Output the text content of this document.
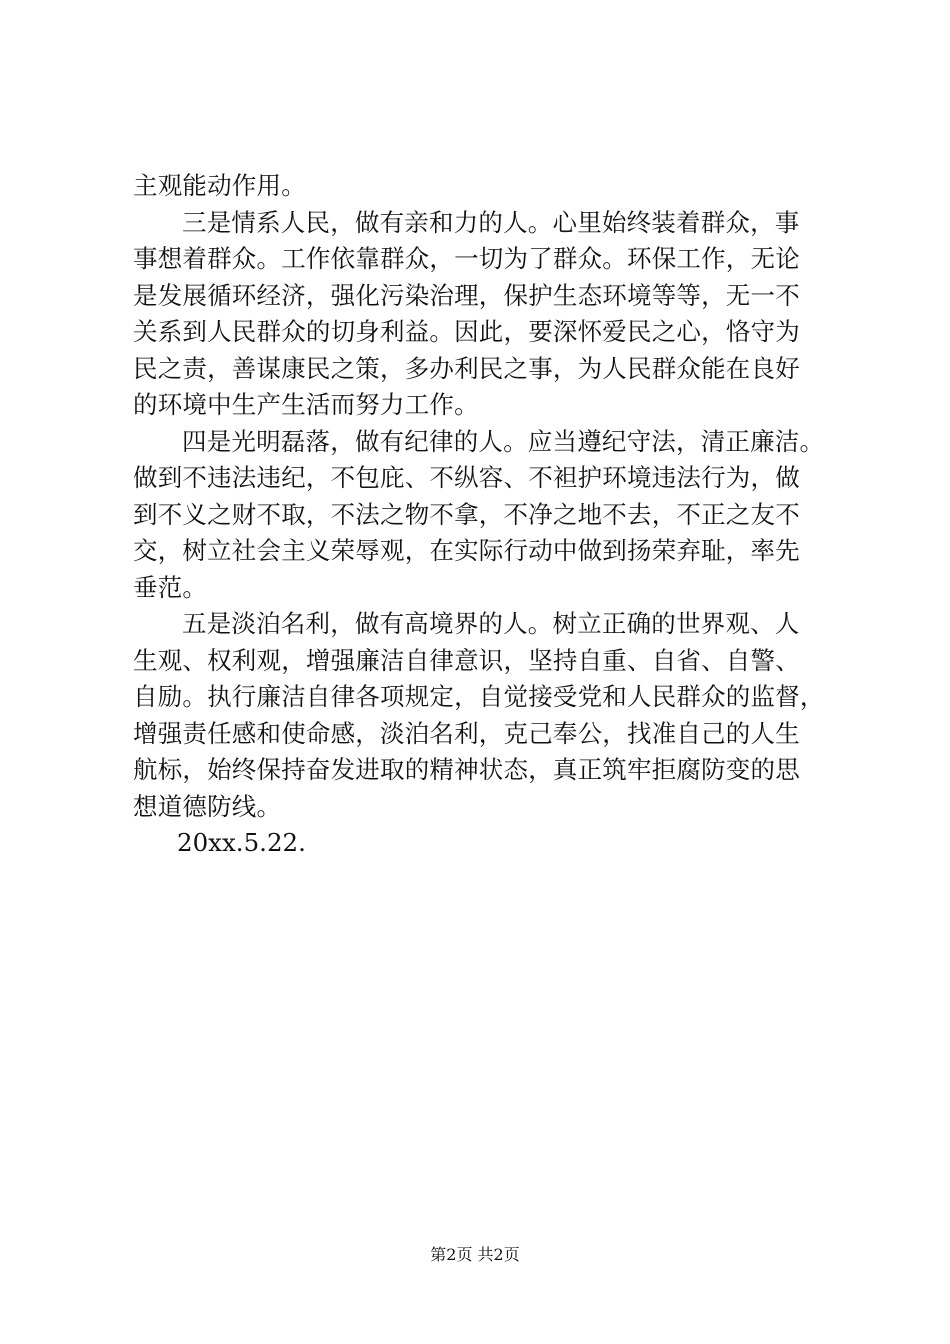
主观能动作用。
三是情系人民，做有亲和力的人。心里始终装着群众，事
事想着群众。工作依靠群众，一切为了群众。环保工作，无论
是发展循环经济，强化污染治理，保护生态环境等等，无一不
关系到人民群众的切身利益。因此，要深怀爱民之心，恪守为
民之责，善谋康民之策，多办利民之事，为人民群众能在良好
的环境中生产生活而努力工作。
四是光明磊落，做有纪律的人。应当遵纪守法，清正廉洁。
做到不违法违纪，不包庇、不纵容、不袒护环境违法行为，做
到不义之财不取，不法之物不拿，不净之地不去，不正之友不
交，树立社会主义荣辱观，在实际行动中做到扬荣弃耻，率先
垂范。
五是淡泊名利，做有高境界的人。树立正确的世界观、人
生观、权利观，增强廉洁自律意识，坚持自重、自省、自警、
自励。执行廉洁自律各项规定，自觉接受党和人民群众的监督，
增强责任感和使命感，淡泊名利，克己奉公，找准自己的人生
航标，始终保持奋发进取的精神状态，真正筑牢拒腐防变的思
想道德防线。
20xx.5.22.
第2页 共2页
